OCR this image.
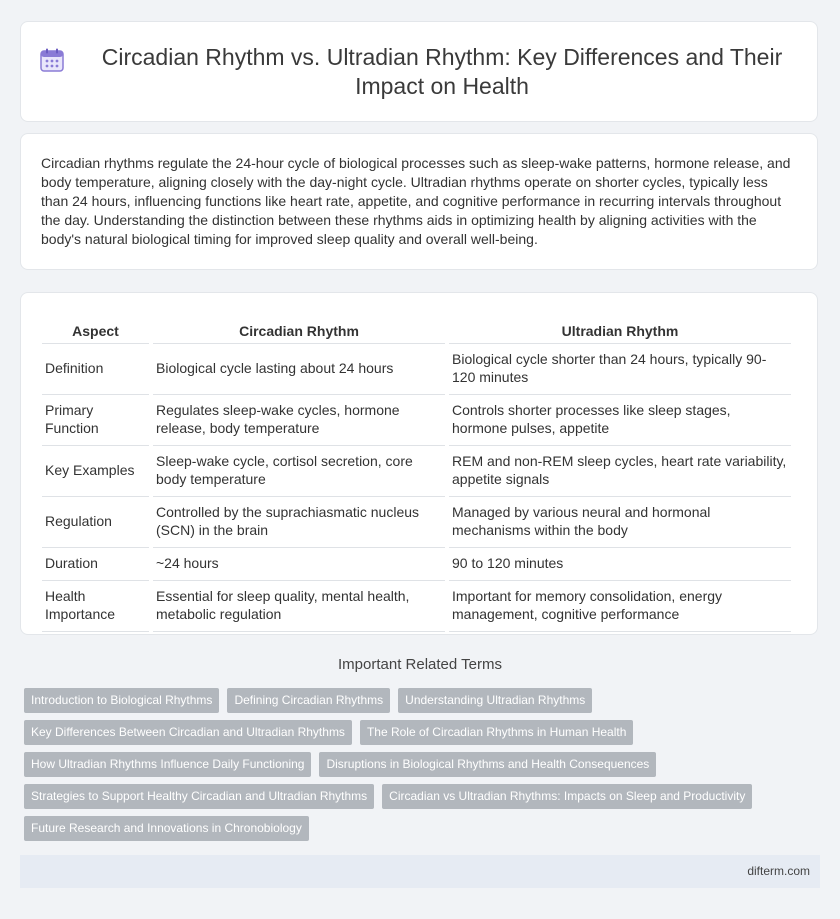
Circadian Rhythm vs. Ultradian Rhythm: Key Differences and Their Impact on Health

Circadian rhythms regulate the 24-hour cycle of biological processes such as sleep-wake patterns, hormone release, and body temperature, aligning closely with the day-night cycle. Ultradian rhythms operate on shorter cycles, typically less than 24 hours, influencing functions like heart rate, appetite, and cognitive performance in recurring intervals throughout the day. Understanding the distinction between these rhythms aids in optimizing health by aligning activities with the body's natural biological timing for improved sleep quality and overall well-being.

Aspect	Circadian Rhythm	Ultradian Rhythm
Definition	Biological cycle lasting about 24 hours	Biological cycle shorter than 24 hours, typically 90-120 minutes
Primary Function	Regulates sleep-wake cycles, hormone release, body temperature	Controls shorter processes like sleep stages, hormone pulses, appetite
Key Examples	Sleep-wake cycle, cortisol secretion, core body temperature	REM and non-REM sleep cycles, heart rate variability, appetite signals
Regulation	Controlled by the suprachiasmatic nucleus (SCN) in the brain	Managed by various neural and hormonal mechanisms within the body
Duration	~24 hours	90 to 120 minutes
Health Importance	Essential for sleep quality, mental health, metabolic regulation	Important for memory consolidation, energy management, cognitive performance
Important Related Terms
Introduction to Biological Rhythms	Defining Circadian Rhythms	Understanding Ultradian Rhythms
Key Differences Between Circadian and Ultradian Rhythms	The Role of Circadian Rhythms in Human Health
How Ultradian Rhythms Influence Daily Functioning	Disruptions in Biological Rhythms and Health Consequences
Strategies to Support Healthy Circadian and Ultradian Rhythms	Circadian vs Ultradian Rhythms: Impacts on Sleep and Productivity
Future Research and Innovations in Chronobiology
difterm.com
